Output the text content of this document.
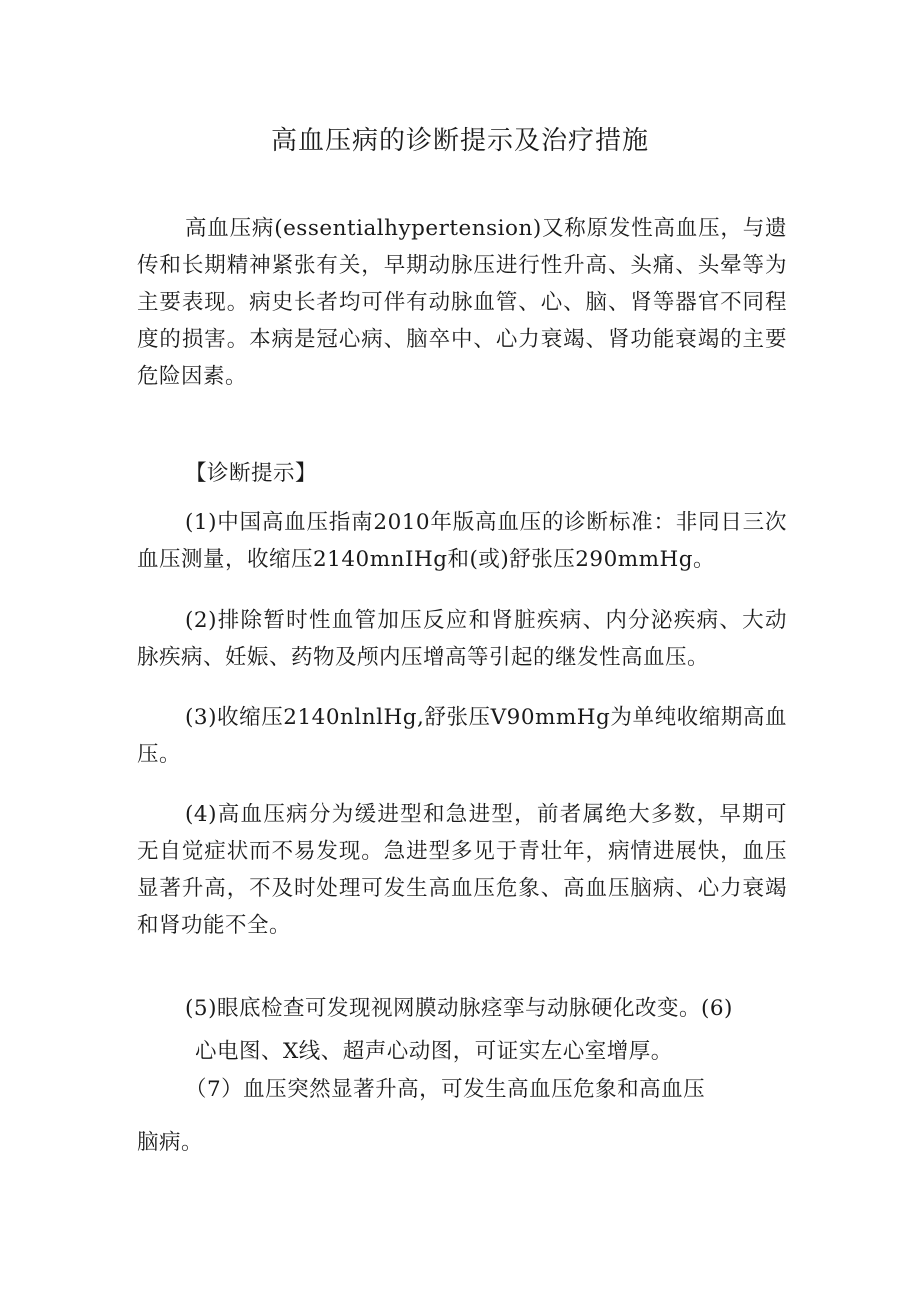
高血压病的诊断提示及治疗措施

高血压病(essentialhypertension)又称原发性高血压，与遗传和长期精神紧张有关，早期动脉压进行性升高、头痛、头晕等为主要表现。病史长者均可伴有动脉血管、心、脑、肾等器官不同程度的损害。本病是冠心病、脑卒中、心力衰竭、肾功能衰竭的主要危险因素。

【诊断提示】

(1)中国高血压指南2010年版高血压的诊断标准：非同日三次血压测量，收缩压2140mnIHg和(或)舒张压290mmHg。

(2)排除暂时性血管加压反应和肾脏疾病、内分泌疾病、大动脉疾病、妊娠、药物及颅内压增高等引起的继发性高血压。

(3)收缩压2140nlnlHg,舒张压V90mmHg为单纯收缩期高血压。

(4)高血压病分为缓进型和急进型，前者属绝大多数，早期可无自觉症状而不易发现。急进型多见于青壮年，病情进展快，血压显著升高，不及时处理可发生高血压危象、高血压脑病、心力衰竭和肾功能不全。

(5)眼底检查可发现视网膜动脉痉挛与动脉硬化改变。(6)

心电图、X线、超声心动图，可证实左心室增厚。

（7）血压突然显著升高，可发生高血压危象和高血压
脑病。
